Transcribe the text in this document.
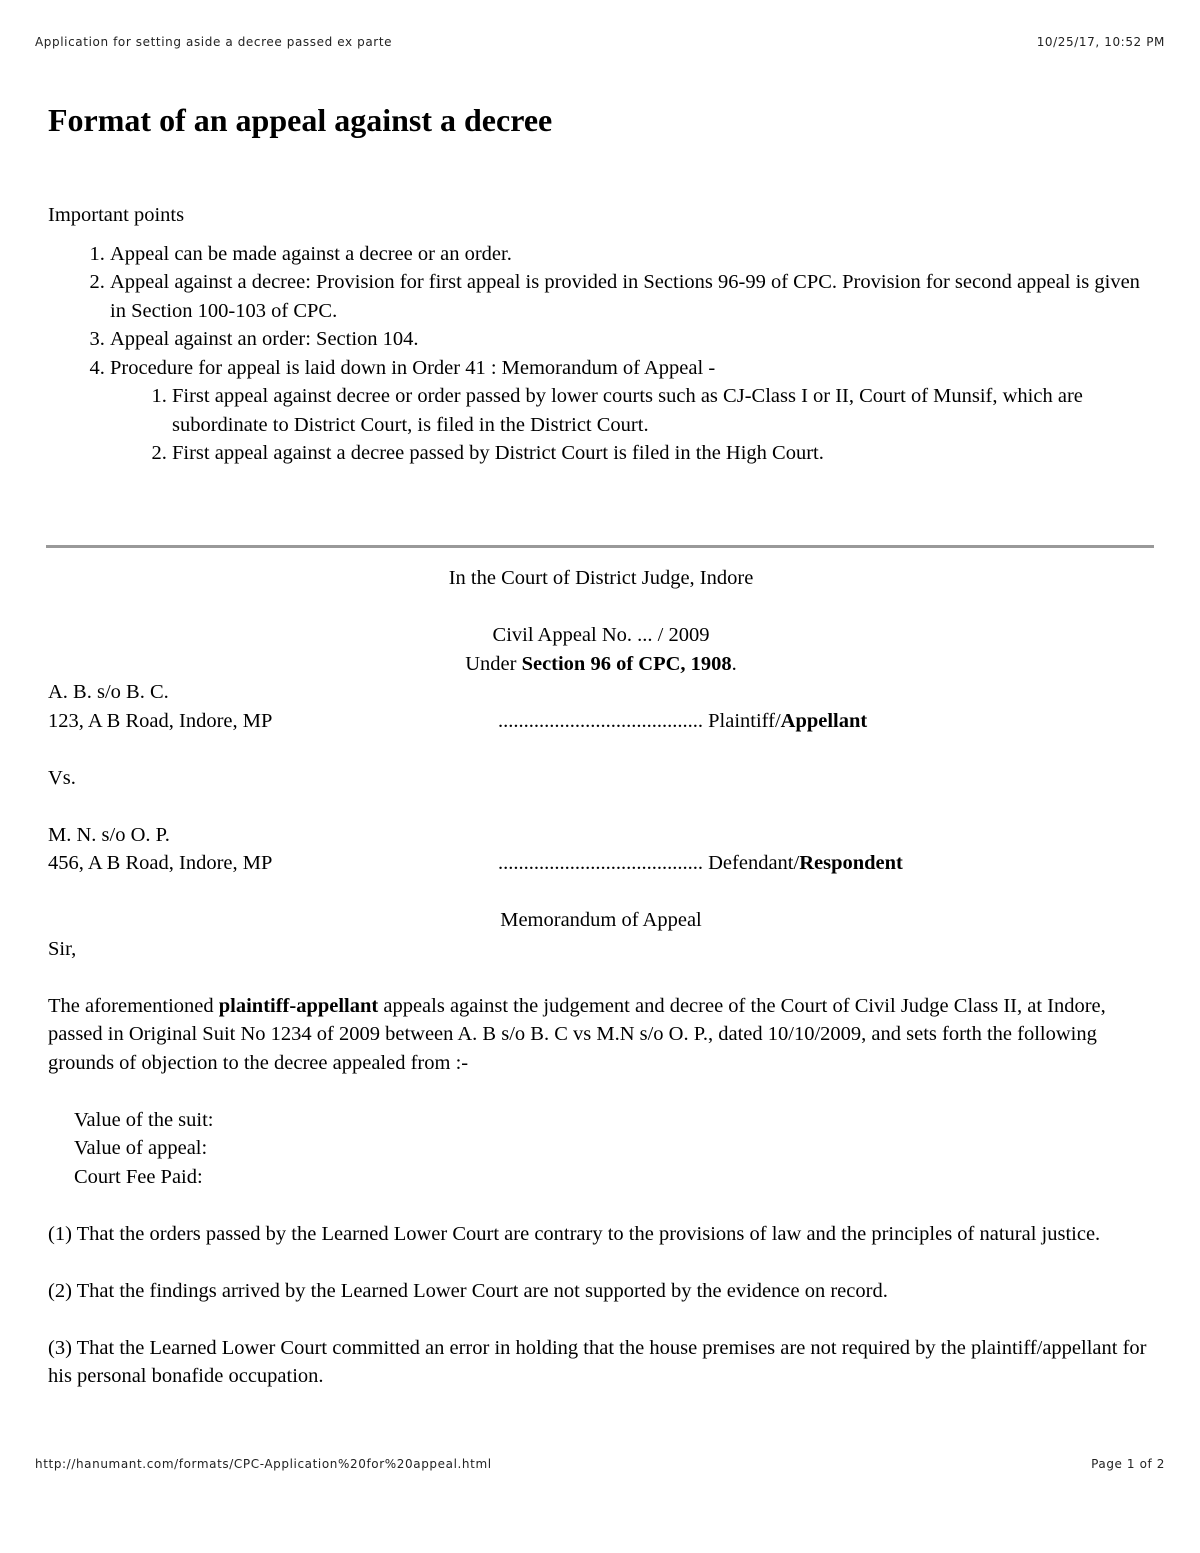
Application for setting aside a decree passed ex parte	10/25/17, 10:52 PM
Format of an appeal against a decree
Important points
1. Appeal can be made against a decree or an order.
2. Appeal against a decree: Provision for first appeal is provided in Sections 96-99 of CPC. Provision for second appeal is given in Section 100-103 of CPC.
3. Appeal against an order: Section 104.
4. Procedure for appeal is laid down in Order 41 : Memorandum of Appeal -
1. First appeal against decree or order passed by lower courts such as CJ-Class I or II, Court of Munsif, which are subordinate to District Court, is filed in the District Court.
2. First appeal against a decree passed by District Court is filed in the High Court.
In the Court of District Judge, Indore
Civil Appeal No. ... / 2009
Under Section 96 of CPC, 1908.
A. B. s/o B. C.
123, A B Road, Indore, MP	........................................ Plaintiff/Appellant
Vs.
M. N. s/o O. P.
456, A B Road, Indore, MP	........................................ Defendant/Respondent
Memorandum of Appeal
Sir,
The aforementioned plaintiff-appellant appeals against the judgement and decree of the Court of Civil Judge Class II, at Indore, passed in Original Suit No 1234 of 2009 between A. B s/o B. C vs M.N s/o O. P., dated 10/10/2009, and sets forth the following grounds of objection to the decree appealed from :-
Value of the suit:
Value of appeal:
Court Fee Paid:
(1) That the orders passed by the Learned Lower Court are contrary to the provisions of law and the principles of natural justice.
(2) That the findings arrived by the Learned Lower Court are not supported by the evidence on record.
(3) That the Learned Lower Court committed an error in holding that the house premises are not required by the plaintiff/appellant for his personal bonafide occupation.
http://hanumant.com/formats/CPC-Application%20for%20appeal.html	Page 1 of 2
